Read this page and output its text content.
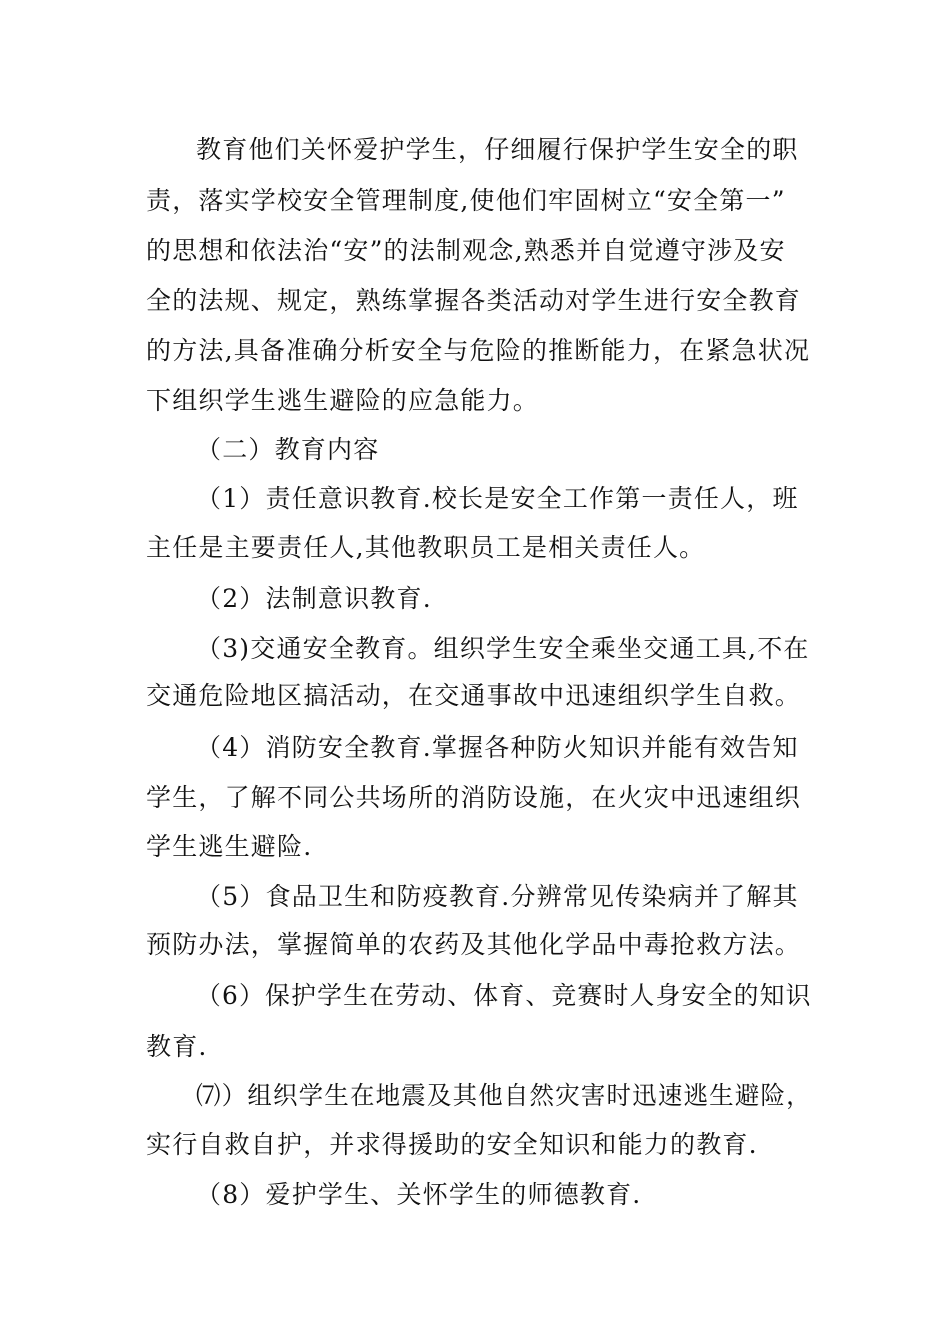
教育他们关怀爱护学生，仔细履行保护学生安全的职
责，落实学校安全管理制度,使他们牢固树立“安全第一”
的思想和依法治“安”的法制观念,熟悉并自觉遵守涉及安
全的法规、规定，熟练掌握各类活动对学生进行安全教育
的方法,具备准确分析安全与危险的推断能力，在紧急状况
下组织学生逃生避险的应急能力。
（二）教育内容
（1）责任意识教育.校长是安全工作第一责任人，班
主任是主要责任人,其他教职员工是相关责任人。
（2）法制意识教育.
（3)交通安全教育。组织学生安全乘坐交通工具,不在
交通危险地区搞活动，在交通事故中迅速组织学生自救。
（4）消防安全教育.掌握各种防火知识并能有效告知
学生，了解不同公共场所的消防设施，在火灾中迅速组织
学生逃生避险.
（5）食品卫生和防疫教育.分辨常见传染病并了解其
预防办法，掌握简单的农药及其他化学品中毒抢救方法。
（6）保护学生在劳动、体育、竞赛时人身安全的知识
教育.
⑺）组织学生在地震及其他自然灾害时迅速逃生避险，
实行自救自护，并求得援助的安全知识和能力的教育.
（8）爱护学生、关怀学生的师德教育.
